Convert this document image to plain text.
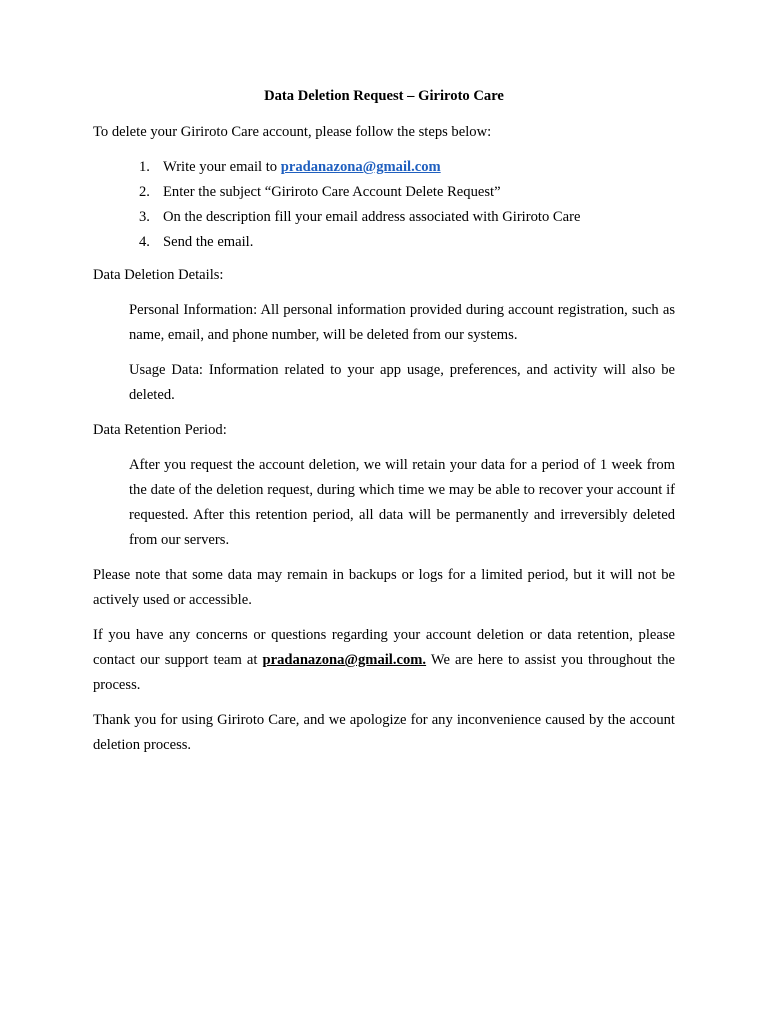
Data Deletion Request – Giriroto Care

To delete your Giriroto Care account, please follow the steps below:

1. Write your email to pradanazona@gmail.com
2. Enter the subject “Giriroto Care Account Delete Request”
3. On the description fill your email address associated with Giriroto Care
4. Send the email.

Data Deletion Details:

Personal Information: All personal information provided during account registration, such as name, email, and phone number, will be deleted from our systems.

Usage Data: Information related to your app usage, preferences, and activity will also be deleted.

Data Retention Period:

After you request the account deletion, we will retain your data for a period of 1 week from the date of the deletion request, during which time we may be able to recover your account if requested. After this retention period, all data will be permanently and irreversibly deleted from our servers.

Please note that some data may remain in backups or logs for a limited period, but it will not be actively used or accessible.

If you have any concerns or questions regarding your account deletion or data retention, please contact our support team at pradanazona@gmail.com. We are here to assist you throughout the process.

Thank you for using Giriroto Care, and we apologize for any inconvenience caused by the account deletion process.
